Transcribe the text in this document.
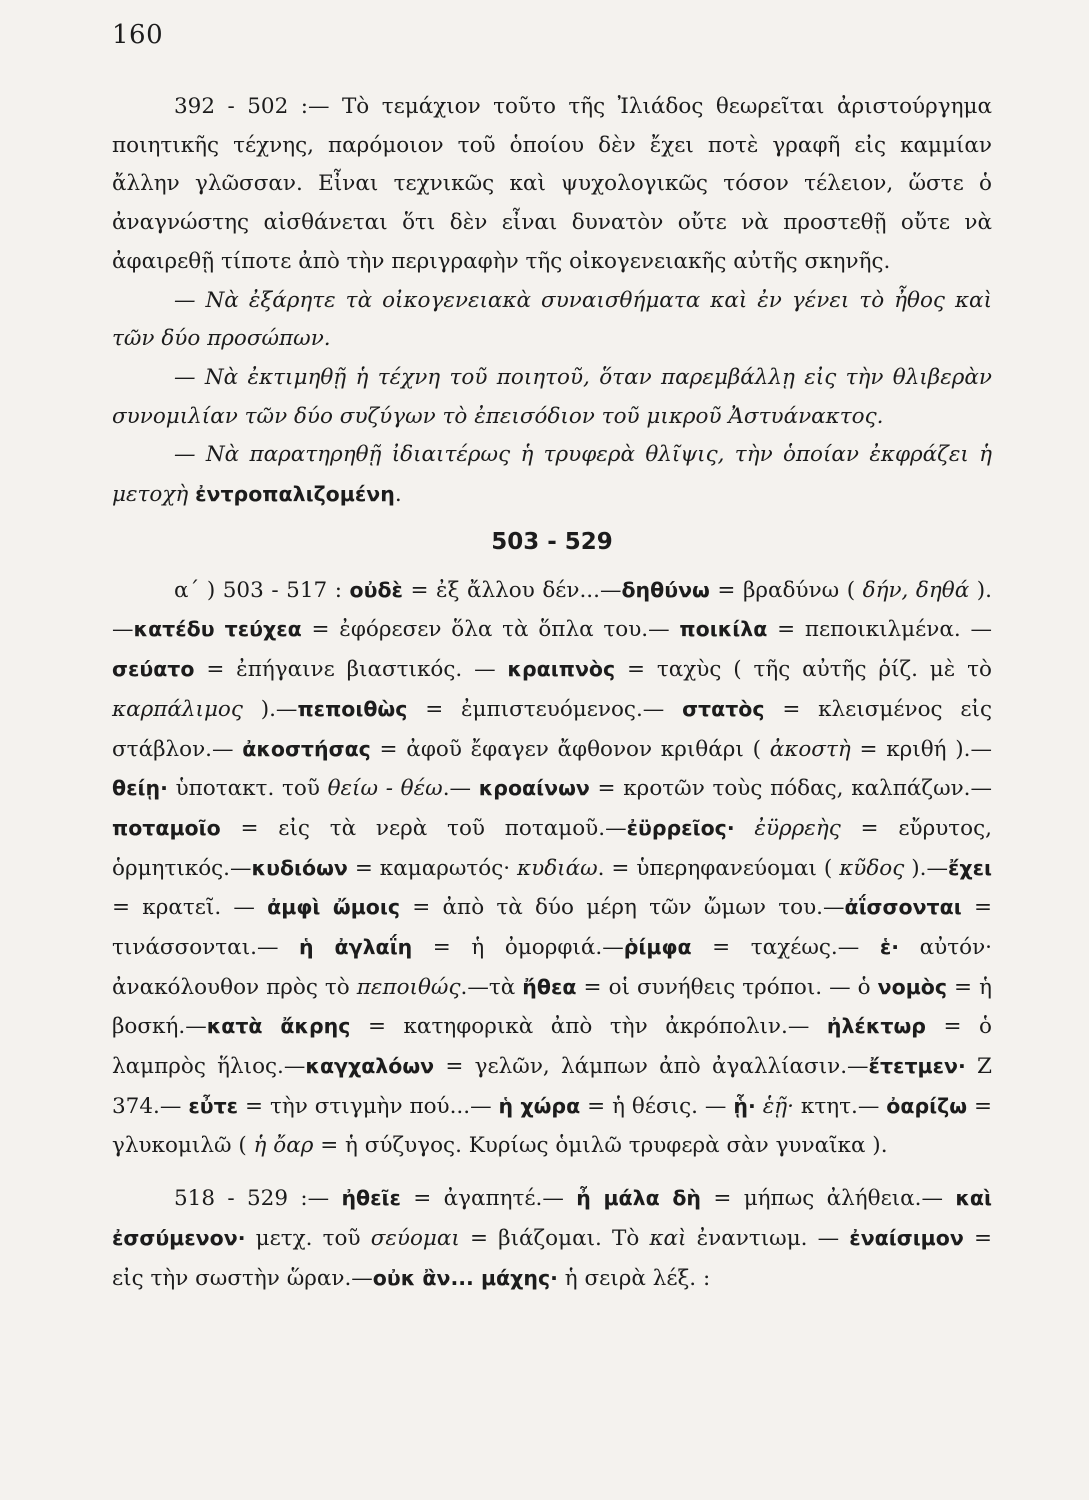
160

392 - 502 :— Τὸ τεμάχιον τοῦτο τῆς Ἰλιάδος θεωρεῖται ἀριστούργημα ποιητικῆς τέχνης, παρόμοιον τοῦ ὁποίου δὲν ἔχει ποτὲ γραφῆ εἰς καμμίαν ἄλλην γλῶσσαν. Εἶναι τεχνικῶς καὶ ψυχολογικῶς τόσον τέλειον, ὥστε ὁ ἀναγνώστης αἰσθάνεται ὅτι δὲν εἶναι δυνατὸν οὔτε νὰ προστεθῇ οὔτε νὰ ἀφαιρεθῇ τίποτε ἀπὸ τὴν περιγραφὴν τῆς οἰκογενειακῆς αὐτῆς σκηνῆς.

— Νὰ ἐξάρητε τὰ οἰκογενειακὰ συναισθήματα καὶ ἐν γένει τὸ ἦθος καὶ τῶν δύο προσώπων.

— Νὰ ἐκτιμηθῇ ἡ τέχνη τοῦ ποιητοῦ, ὅταν παρεμβάλλῃ εἰς τὴν θλιβερὰν συνομιλίαν τῶν δύο συζύγων τὸ ἐπεισόδιον τοῦ μικροῦ Ἀστυάνακτος.

— Νὰ παρατηρηθῇ ἰδιαιτέρως ἡ τρυφερὰ θλῖψις, τὴν ὁποίαν ἐκφράζει ἡ μετοχὴ ἐντροπαλιζομένη.

503 - 529

α΄ ) 503 - 517 : οὐδὲ = ἐξ ἄλλου δέν...—δηθύνω = βραδύνω ( δήν, δηθά ).—κατέδυ τεύχεα = ἐφόρεσεν ὅλα τὰ ὅπλα του.— ποικίλα = πεποικιλμένα. — σεύατο = ἐπήγαινε βιαστικός. — κραιπνὸς = ταχὺς ( τῆς αὐτῆς ῥίζ. μὲ τὸ καρπάλιμος ).—πεποιθὼς = ἐμπιστευόμενος.— στατὸς = κλεισμένος εἰς στάβλον.— ἀκοστήσας = ἀφοῦ ἔφαγεν ἄφθονον κριθάρι ( ἀκοστὴ = κριθή ).— θείῃ· ὑποτακτ. τοῦ θείω - θέω.— κροαίνων = κροτῶν τοὺς πόδας, καλπάζων.—ποταμοῖο = εἰς τὰ νερὰ τοῦ ποταμοῦ.—ἐϋρρεῖος· ἐϋρρεὴς = εὔρυτος, ὁρμητικός.—κυδιόων = καμαρωτός· κυδιάω. = ὑπερηφανεύομαι ( κῦδος ).—ἔχει = κρατεῖ. — ἀμφὶ ὤμοις = ἀπὸ τὰ δύο μέρη τῶν ὤμων του.—ἀΐσσονται = τινάσσονται.— ἡ ἀγλαΐη = ἡ ὀμορφιά.—ῥίμφα = ταχέως.— ἑ· αὐτόν· ἀνακόλουθον πρὸς τὸ πεποιθώς.—τὰ ἤθεα = οἱ συνήθεις τρόποι. — ὁ νομὸς = ἡ βοσκή.—κατὰ ἄκρης = κατηφορικὰ ἀπὸ τὴν ἀκρόπολιν.— ἠλέκτωρ = ὁ λαμπρὸς ἥλιος.—καγχαλόων = γελῶν, λάμπων ἀπὸ ἀγαλλίασιν.—ἔτετμεν· Ζ 374.— εὖτε = τὴν στιγμὴν πού...— ἡ χώρα = ἡ θέσις. — ᾗ· ἑῇ· κτητ.— ὀαρίζω = γλυκομιλῶ ( ἡ ὄαρ = ἡ σύζυγος. Κυρίως ὁμιλῶ τρυφερὰ σὰν γυναῖκα ).

518 - 529 :— ἠθεῖε = ἀγαπητέ.— ἦ μάλα δὴ = μήπως ἀλήθεια.— καὶ ἐσσύμενον· μετχ. τοῦ σεύομαι = βιάζομαι. Τὸ καὶ ἐναντιωμ. — ἐναίσιμον = εἰς τὴν σωστὴν ὥραν.—οὐκ ἂν... μάχης· ἡ σειρὰ λέξ. :
